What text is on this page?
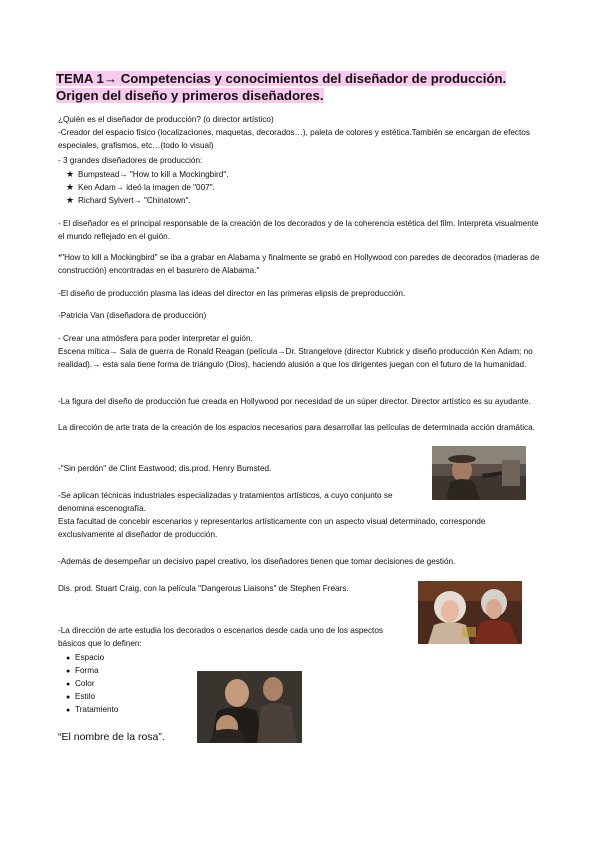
TEMA 1→ Competencias y conocimientos del diseñador de producción. Origen del diseño y primeros diseñadores.
¿Quién es el diseñador de producción? (o director artístico)
-Creador del espacio físico (localizaciones, maquetas, decorados…), paleta de colores y estética.También se encargan de efectos especiales, grafismos, etc…(todo lo visual)
- 3 grandes diseñadores de producción:
★ Bumpstead→ "How to kill a Mockingbird".
★ Ken Adam→ ideó la imagen de "007".
★ Richard Sylvert→ "Chinatown".
- El diseñador es el principal responsable de la creación de los decorados y de la coherencia estética del film. Interpreta visualmente el mundo reflejado en el guión.
*"How to kill a Mockingbird" se iba a grabar en Alabama y finalmente se grabó en Hollywood con paredes de decorados (maderas de construcción) encontradas en el basurero de Alabama."
-El diseño de producción plasma las ideas del director en las primeras elipsis de preproducción.
-Patricia Van (diseñadora de producción)
- Crear una atmósfera para poder interpretar el guión.
Escena mítica→ Sala de guerra de Ronald Reagan (película→Dr. Strangelove (director Kubrick y diseño producción Ken Adam; no realidad).→ esta sala tiene forma de triángulo (Dios), haciendo alusión a que los dirigentes juegan con el futuro de la humanidad.
-La figura del diseño de producción fue creada en Hollywood por necesidad de un súper director. Director artístico es su ayudante.
La dirección de arte trata de la creación de los espacios necesarios para desarrollar las películas de determinada acción dramática.
-"Sin perdón" de Clint Eastwood; dis.prod. Henry Bumsted.
-Se aplican técnicas industriales especializadas y tratamientos artísticos, a cuyo conjunto se denomina escenografía.
Esta facultad de concebir escenarios y representarlos artísticamente con un aspecto visual determinado, corresponde exclusivamente al diseñador de producción.
-Además de desempeñar un decisivo papel creativo, los diseñadores tienen que tomar decisiones de gestión.
Dis. prod. Stuart Craig, con la película "Dangerous Liaisons" de Stephen Frears.
-La dirección de arte estudia los decorados o escenarios desde cada uno de los aspectos básicos que lo definen:
● Espacio
● Forma
● Color
● Estilo
● Tratamiento
“El nombre de la rosa”.
